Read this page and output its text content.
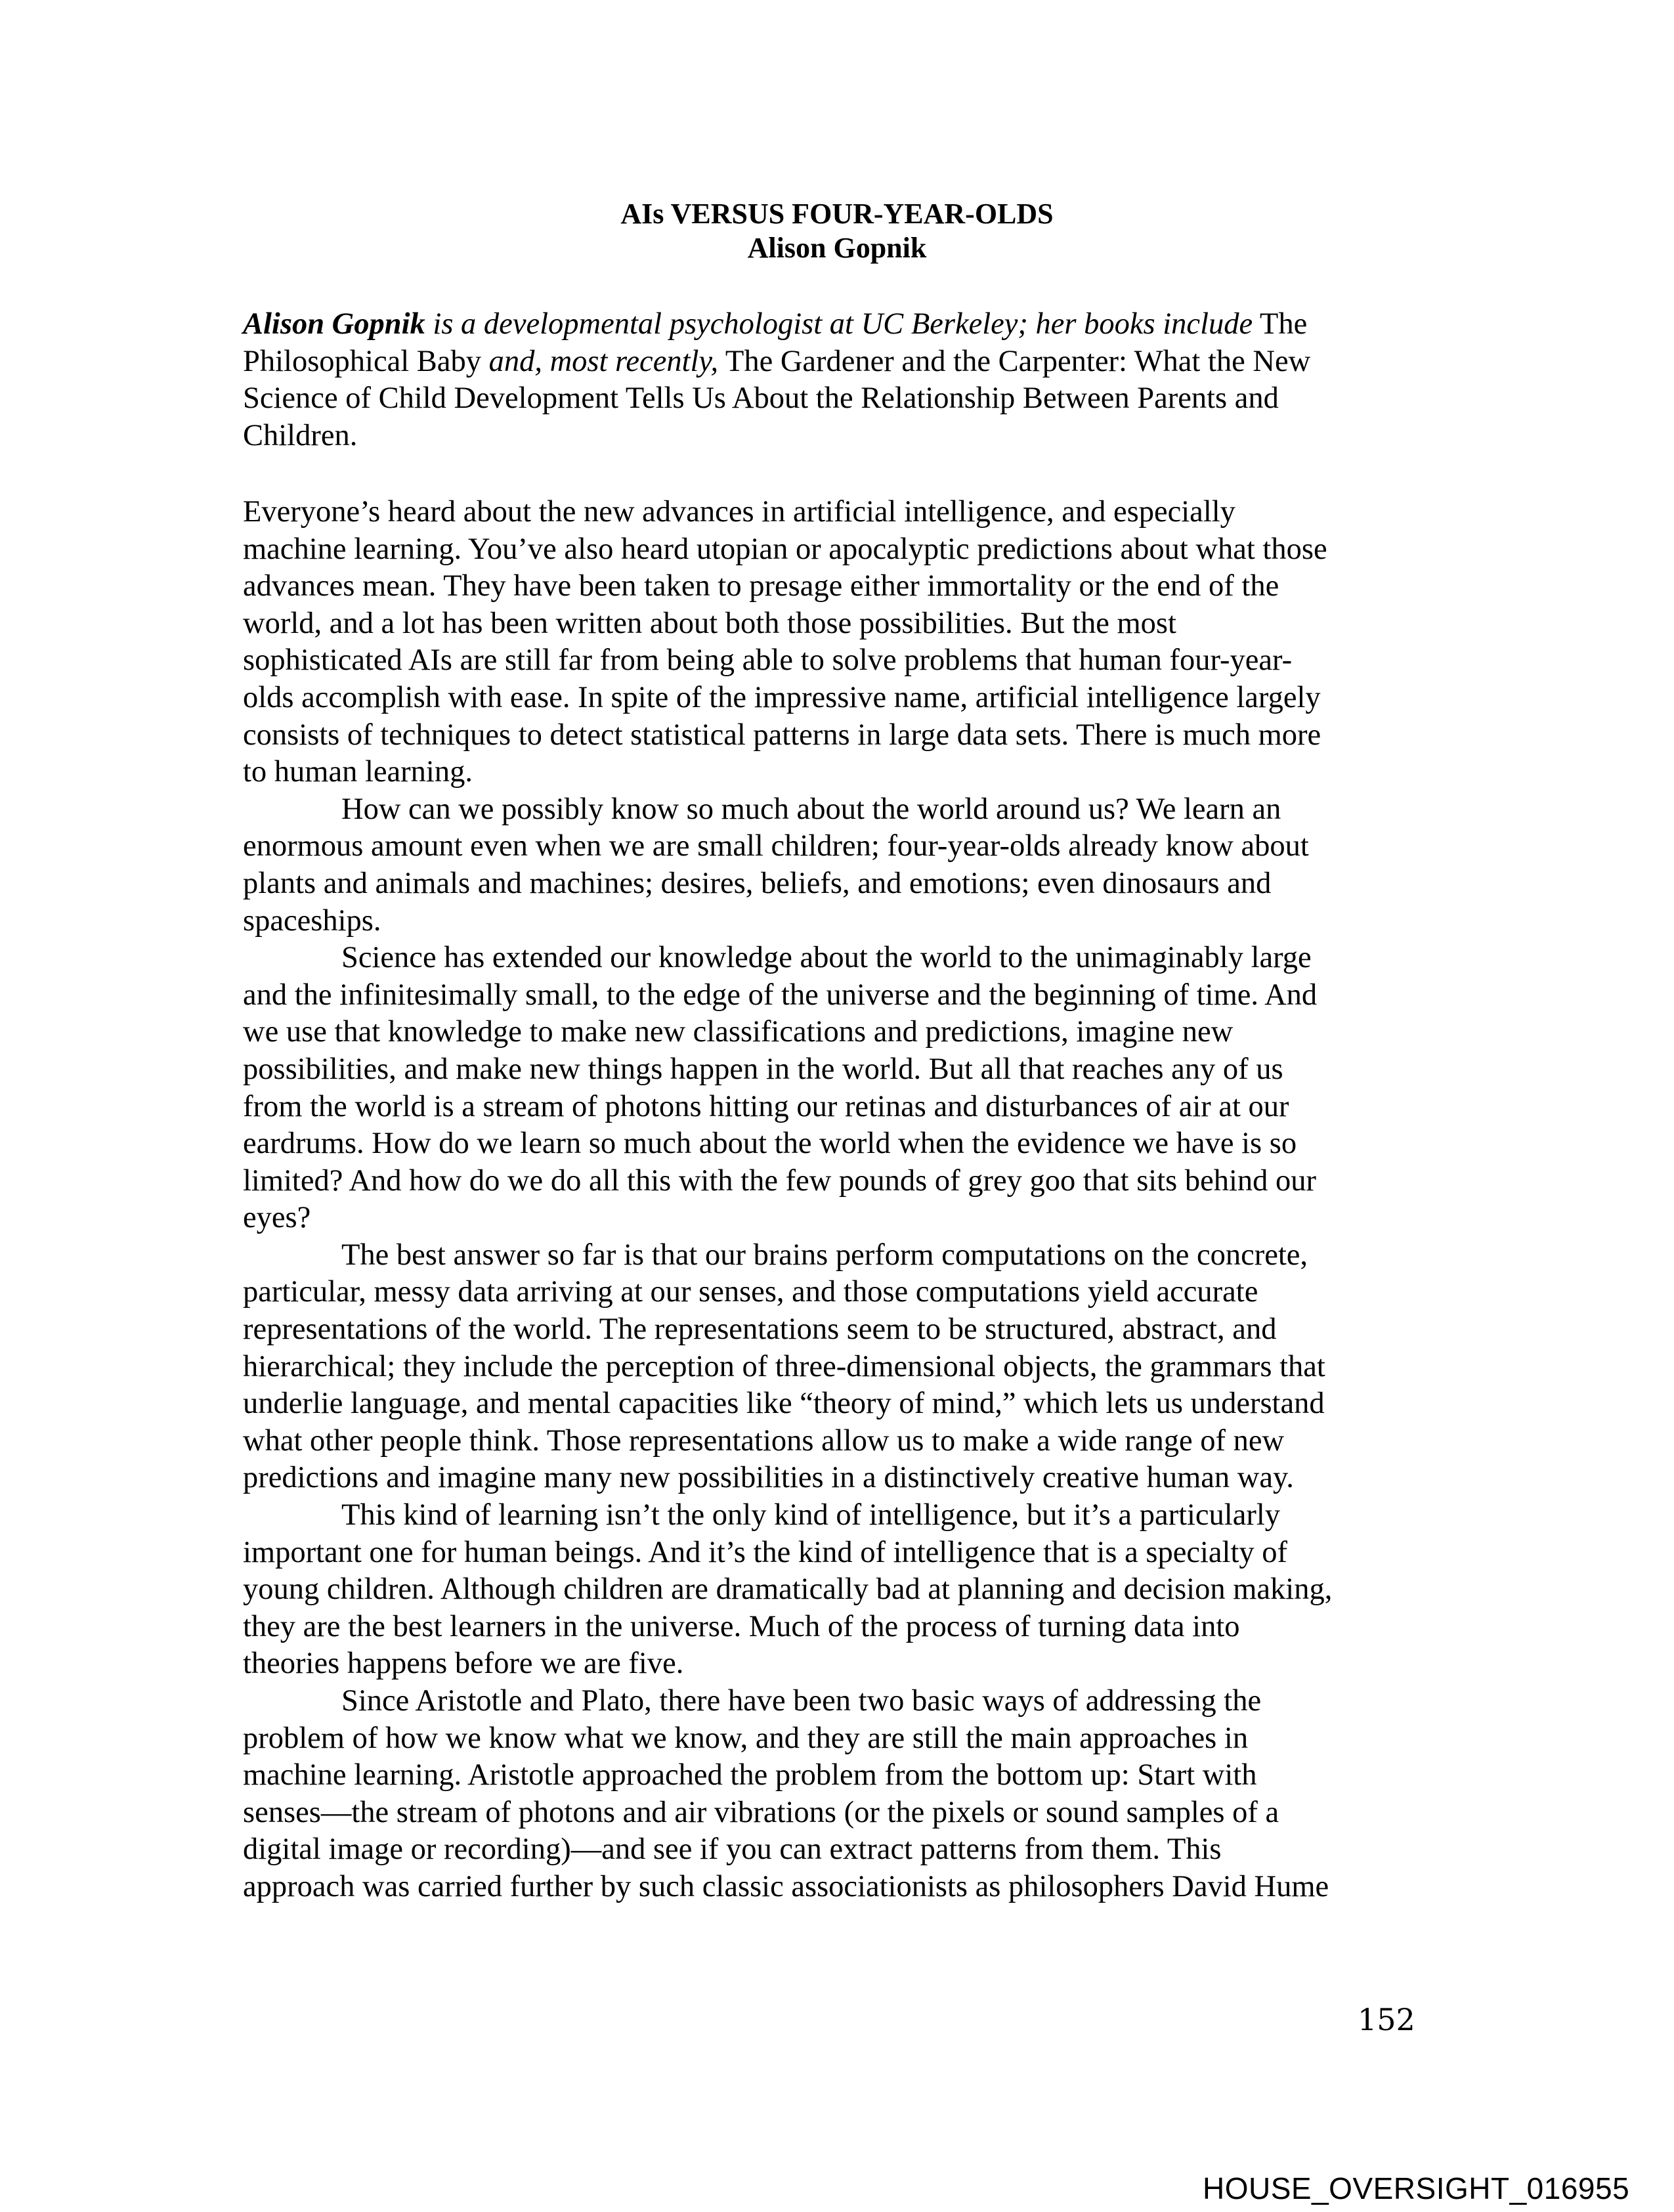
AIs VERSUS FOUR-YEAR-OLDS
Alison Gopnik
Alison Gopnik is a developmental psychologist at UC Berkeley; her books include The
Philosophical Baby and, most recently, The Gardener and the Carpenter: What the New
Science of Child Development Tells Us About the Relationship Between Parents and
Children.
Everyone’s heard about the new advances in artificial intelligence, and especially
machine learning. You’ve also heard utopian or apocalyptic predictions about what those
advances mean. They have been taken to presage either immortality or the end of the
world, and a lot has been written about both those possibilities. But the most
sophisticated AIs are still far from being able to solve problems that human four-year-
olds accomplish with ease. In spite of the impressive name, artificial intelligence largely
consists of techniques to detect statistical patterns in large data sets. There is much more
to human learning.
How can we possibly know so much about the world around us? We learn an
enormous amount even when we are small children; four-year-olds already know about
plants and animals and machines; desires, beliefs, and emotions; even dinosaurs and
spaceships.
Science has extended our knowledge about the world to the unimaginably large
and the infinitesimally small, to the edge of the universe and the beginning of time. And
we use that knowledge to make new classifications and predictions, imagine new
possibilities, and make new things happen in the world. But all that reaches any of us
from the world is a stream of photons hitting our retinas and disturbances of air at our
eardrums. How do we learn so much about the world when the evidence we have is so
limited? And how do we do all this with the few pounds of grey goo that sits behind our
eyes?
The best answer so far is that our brains perform computations on the concrete,
particular, messy data arriving at our senses, and those computations yield accurate
representations of the world. The representations seem to be structured, abstract, and
hierarchical; they include the perception of three-dimensional objects, the grammars that
underlie language, and mental capacities like “theory of mind,” which lets us understand
what other people think. Those representations allow us to make a wide range of new
predictions and imagine many new possibilities in a distinctively creative human way.
This kind of learning isn’t the only kind of intelligence, but it’s a particularly
important one for human beings. And it’s the kind of intelligence that is a specialty of
young children. Although children are dramatically bad at planning and decision making,
they are the best learners in the universe. Much of the process of turning data into
theories happens before we are five.
Since Aristotle and Plato, there have been two basic ways of addressing the
problem of how we know what we know, and they are still the main approaches in
machine learning. Aristotle approached the problem from the bottom up: Start with
senses—the stream of photons and air vibrations (or the pixels or sound samples of a
digital image or recording)—and see if you can extract patterns from them. This
approach was carried further by such classic associationists as philosophers David Hume
152
HOUSE_OVERSIGHT_016955
